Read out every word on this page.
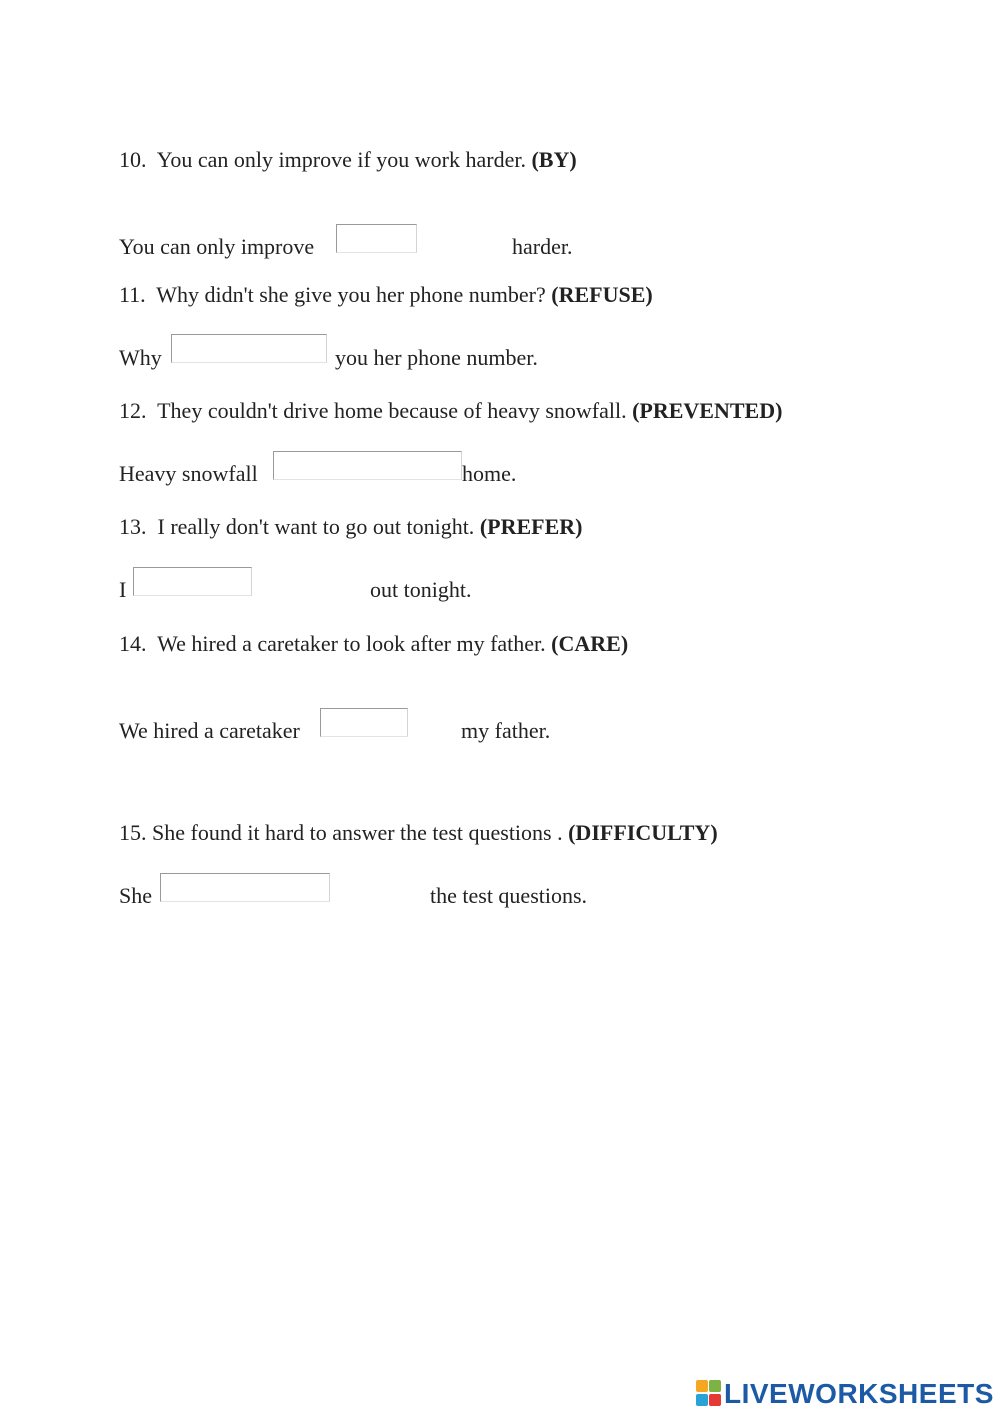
10. You can only improve if you work harder. (BY)
You can only improve	harder.
11. Why didn't she give you her phone number? (REFUSE)
Why	you her phone number.
12. They couldn't drive home because of heavy snowfall. (PREVENTED)
Heavy snowfall	home.
13. I really don't want to go out tonight. (PREFER)
I	out tonight.
14. We hired a caretaker to look after my father. (CARE)
We hired a caretaker	my father.
15. She found it hard to answer the test questions . (DIFFICULTY)
She	the test questions.
LIVEWORKSHEETS
